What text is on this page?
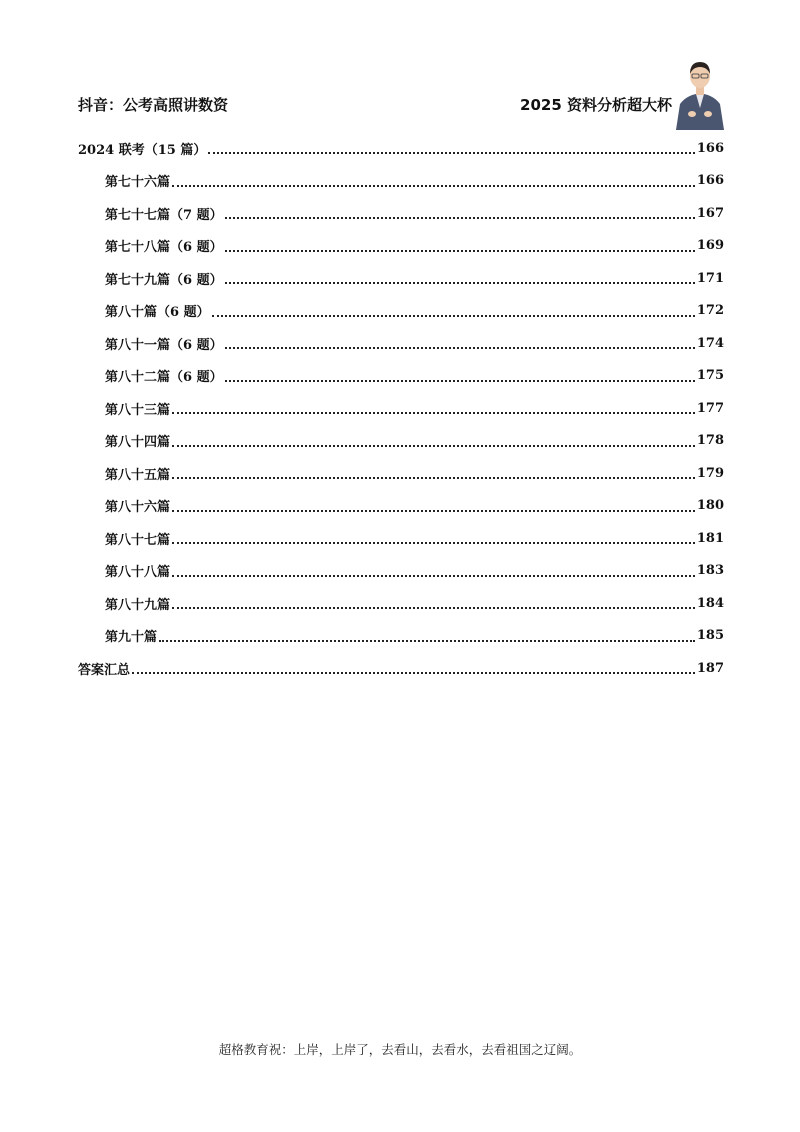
抖音：公考高照讲数资	2025 资料分析超大杯
2024 联考（15 篇）	166
第七十六篇	166
第七十七篇（7 题）	167
第七十八篇（6 题）	169
第七十九篇（6 题）	171
第八十篇（6 题）	172
第八十一篇（6 题）	174
第八十二篇（6 题）	175
第八十三篇	177
第八十四篇	178
第八十五篇	179
第八十六篇	180
第八十七篇	181
第八十八篇	183
第八十九篇	184
第九十篇	185
答案汇总	187
超格教育祝：上岸，上岸了，去看山，去看水，去看祖国之辽阔。
